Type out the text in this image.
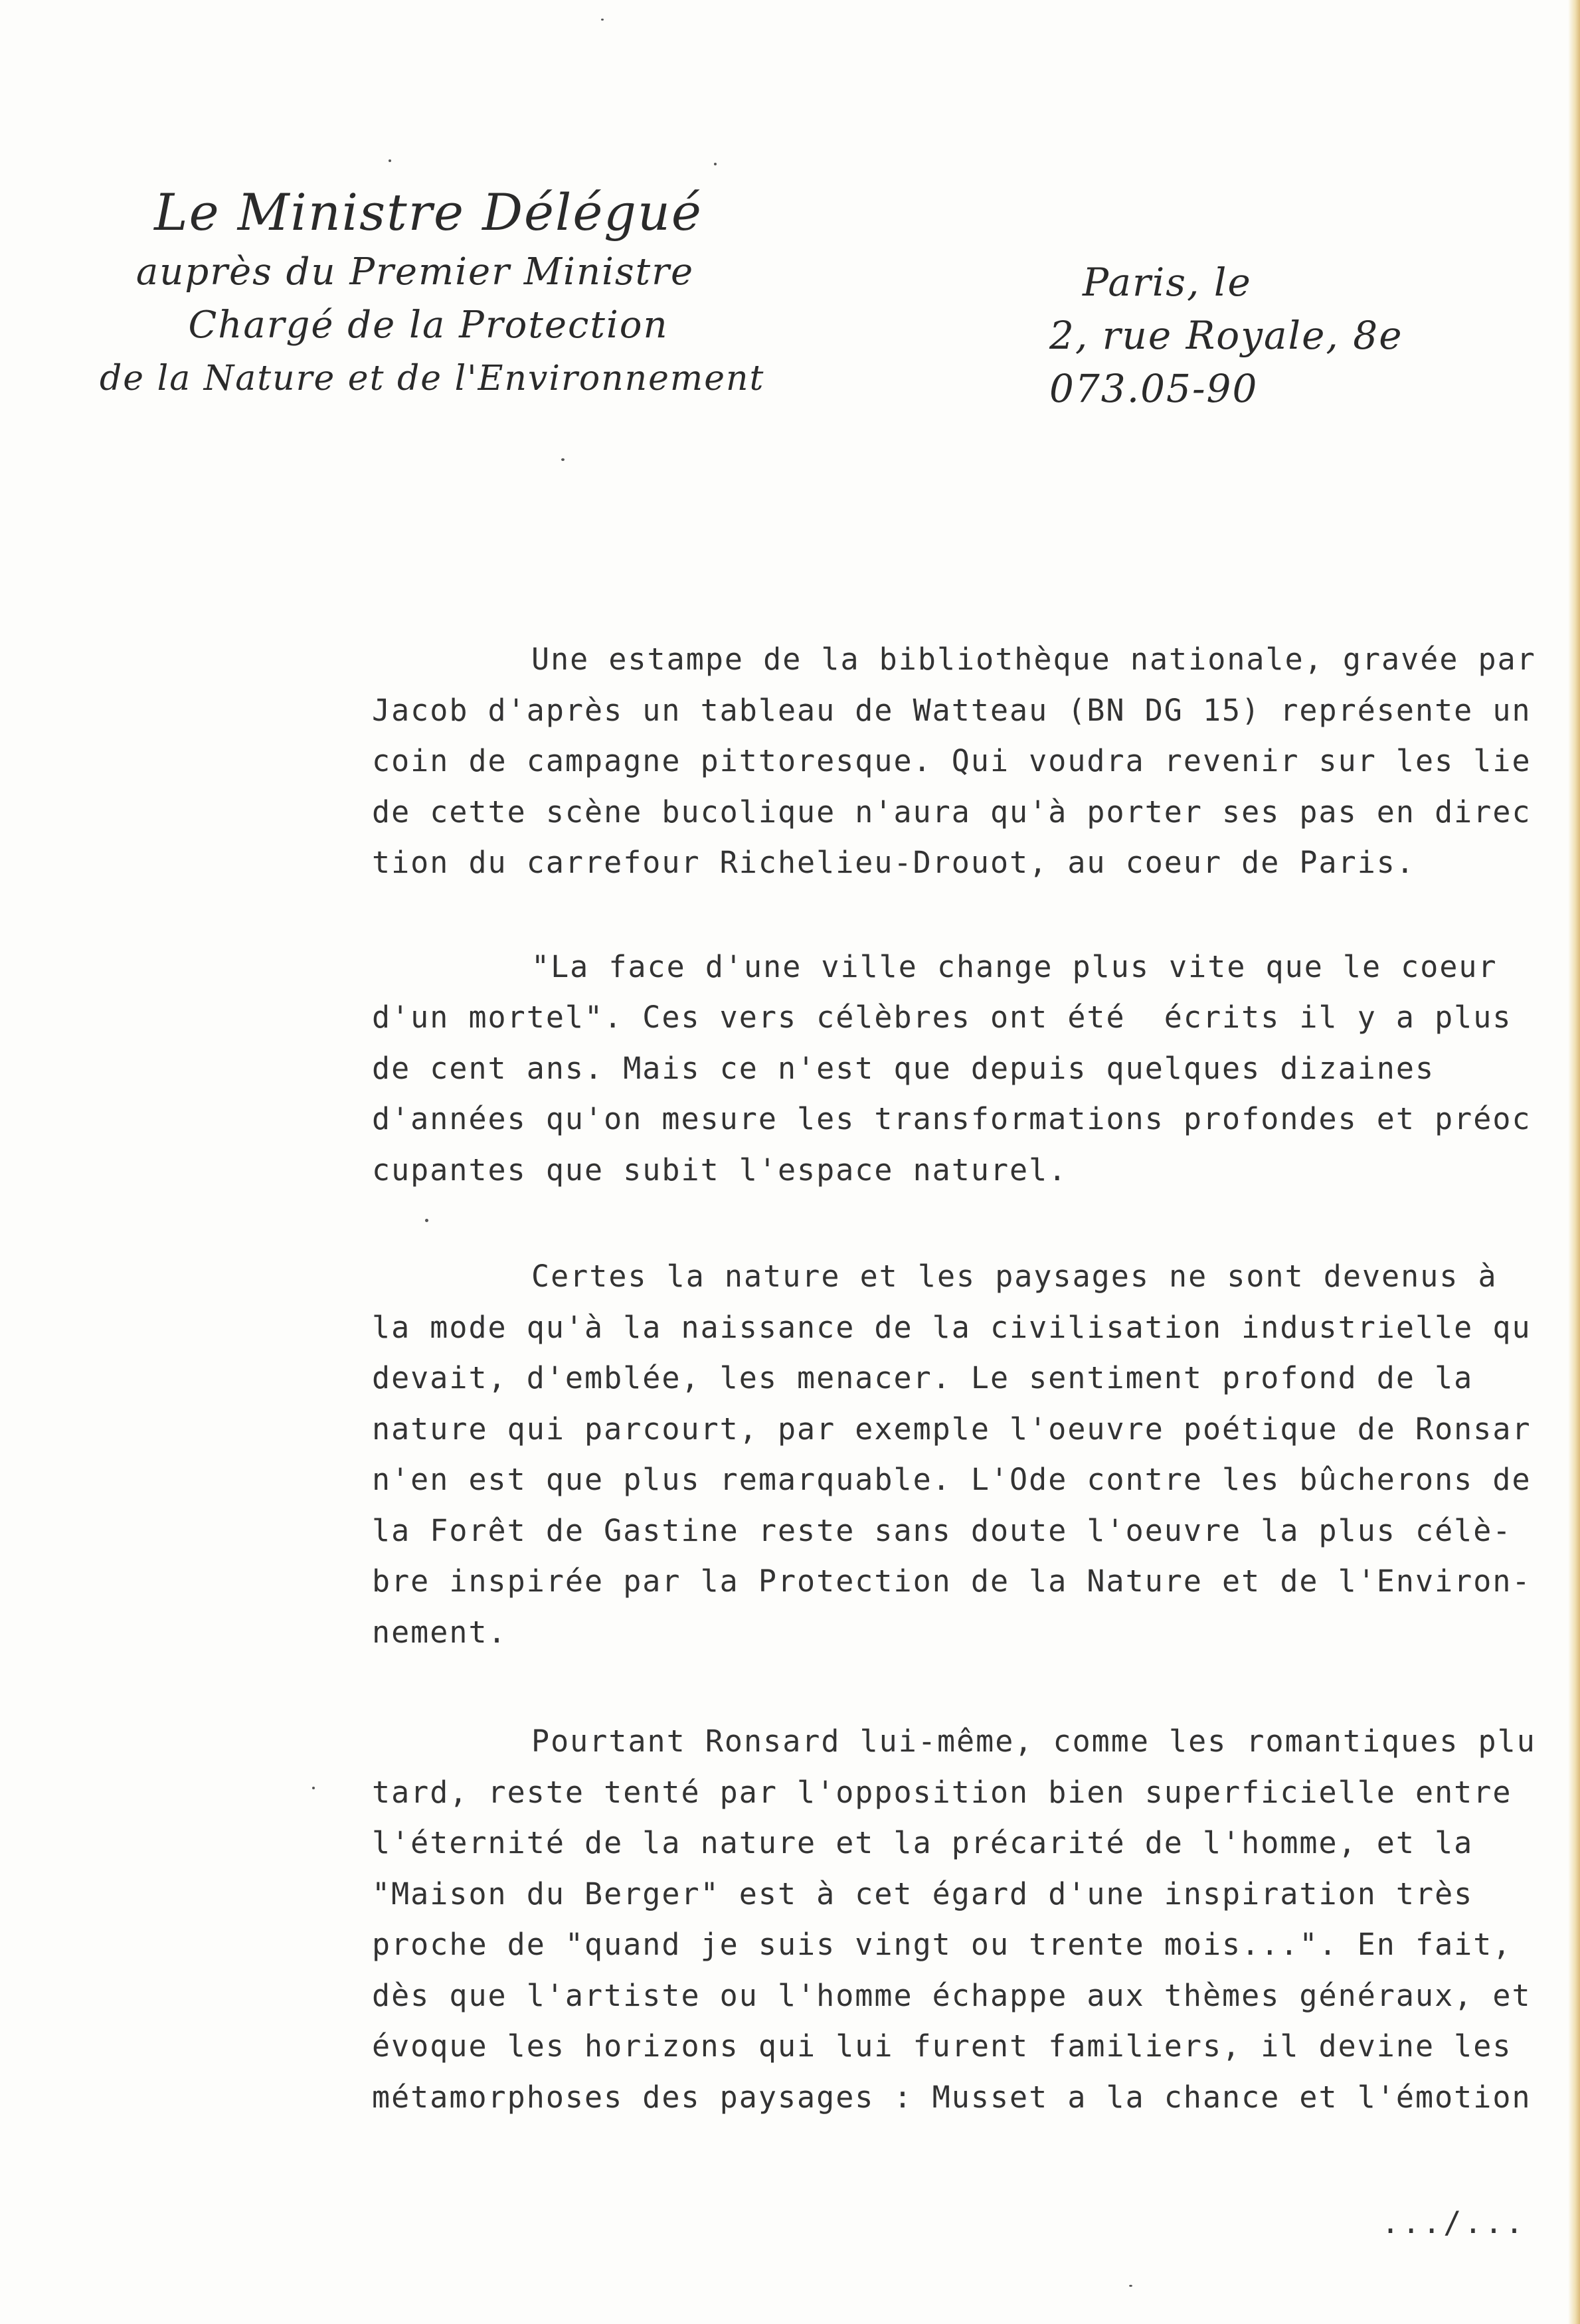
Le Ministre Délégué
auprès du Premier Ministre
Chargé de la Protection
de la Nature et de l'Environnement
Paris, le
2, rue Royale, 8e
073.05-90
Une estampe de la bibliothèque nationale, gravée par
Jacob d'après un tableau de Watteau (BN DG 15) représente un
coin de campagne pittoresque. Qui voudra revenir sur les lie
de cette scène bucolique n'aura qu'à porter ses pas en direc
tion du carrefour Richelieu-Drouot, au coeur de Paris.
"La face d'une ville change plus vite que le coeur
d'un mortel". Ces vers célèbres ont été  écrits il y a plus
de cent ans. Mais ce n'est que depuis quelques dizaines
d'années qu'on mesure les transformations profondes et préoc
cupantes que subit l'espace naturel.
Certes la nature et les paysages ne sont devenus à
la mode qu'à la naissance de la civilisation industrielle qu
devait, d'emblée, les menacer. Le sentiment profond de la
nature qui parcourt, par exemple l'oeuvre poétique de Ronsar
n'en est que plus remarquable. L'Ode contre les bûcherons de
la Forêt de Gastine reste sans doute l'oeuvre la plus célè-
bre inspirée par la Protection de la Nature et de l'Environ-
nement.
Pourtant Ronsard lui-même, comme les romantiques plu
tard, reste tenté par l'opposition bien superficielle entre
l'éternité de la nature et la précarité de l'homme, et la
"Maison du Berger" est à cet égard d'une inspiration très
proche de "quand je suis vingt ou trente mois...". En fait,
dès que l'artiste ou l'homme échappe aux thèmes généraux, et
évoque les horizons qui lui furent familiers, il devine les
métamorphoses des paysages : Musset a la chance et l'émotion
.../...
